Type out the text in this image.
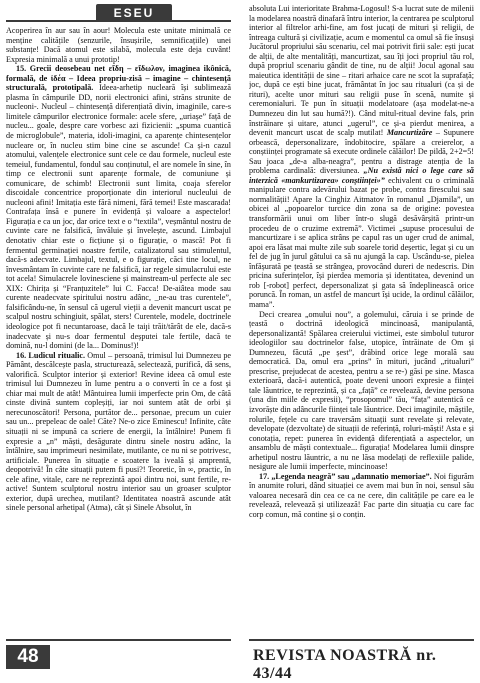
ESEU

Acoperirea în aur sau în aour! Molecula este unitate minimală ce menține calitățile (senzurile, însușirile, semnificațiile) unei substanțe! Dacă atomul este silabă, molecula este deja cuvânt! Expresia minimală a unui prototip!

15. Grecii deosebeau net εἴδη – εἴδωλον, imaginea ikônică, formală, de ἰδέα – Ideea propriu-zisă – imagine – chintesență structurală, prototipală. Ideea-arhetip nucleară își sublimează plasma în câmpurile DD, norii electronici afini, străns strunite de nucleoni-. Nucleul – chintesență diferențiată divin, imaginile, care-s limitele câmpurilor electronice formale: acele sfere, „uriașe” față de nucleu... goale, despre care vorbesc azi fizicienii: „spuma cuantică de microglobule”, materia, idoli-imagini, ca aparențe chintesențelor nucleare or, în nucleu stim bine cine se ascunde! Ca și-n cazul atomului, valențele electronice sunt cele ce dau formele, nucleul este temeiul, fundamentul, fondul sau conținutul, el are nomele în sine, în timp ce electronii sunt aparențe formale, de comuniune și comunicare, de schimb! Electronii sunt limita, coaja sferelor discoidale concentrice proporționate din interiorul nucleului de nucleoni afini! Imitația este fără nimeni, fără temei! Este mascarada! Contrafața însă e punere în evidență și valoare a aspectelor! Figurația e ca un joc, dar orice text e o “textila”, veșmântul nostru de cuvinte care ne falsifică, învăluie și învelește, ascund. Limbajul denotativ chiar este o ficțiune și o figurație, o mască! Pot fi fermentul germinației noastre fertile, catalizatorul sau stimulentul, dacă-s adecvate. Limbajul, textul, e o figurație, căci tine locul, ne învesmântam în cuvinte care ne falsifică, iar regele simulacrului este tot acela! Simulacrele lovinesciene și mainstream-ul perfecte ale sec XIX: Chirița și “Franțuzitele” lui C. Facca! De-aiâtea mode sau curente neadecvate spiritului nostru adânc, _ne-au tras curentele”, falsificându-ne, în sensul că ugerul vieții a devenit mancurt uscat pe scalpul nostru schingiuit, spălat, sters! Curentele, modele, doctrinele ideologice pot fi necuntaroase, dacă le taiȷi trăit/tărât de ele, dacă-s inadecvate și nu-s doar fermentul deșputei tale fertile, dacă te domină, nu-l domini (de la... Dominus!)!

16. Ludicul ritualic. Omul – persoană, trimisul lui Dumnezeu pe Pământ, descălcește pasla, structurează, selectează, purifică, dă sens, valorifică. Sculptor interior și exterior! Revine ideea că omul este trimisul lui Dumnezeu în lume pentru a o converti în ce a fost și chiar mai mult de atât! Mântuirea lumii imperfecte prin Om, de câtă cinste divină suntem copleșiți, iar noi suntem atât de orbi și nerecunoscători! Persona, purtător de... personae, precum un cuier sau un... prepeleac de oale! Căte? Ne-o zice Eminescu! Infinite, câte situații ni se impună ca scriere de energii, la întâlnire! Punem fi expresie a „n” măști, desăgurate dintru sinele nostru adânc, la întâlnire, sau imprimeuri nesimilate, mutilante, ce nu ni se potrivesc, artificiale. Punerea în situație e scoatere la iveală și amprentă, deopotrivă! În câte situații putem fi pusi?! Teoretic, în ∞, practic, în cele afine, vitale, care ne reprezintă apoi dintru noi, sunt fertile, re-active! Suntem sculptorul nostru interior sau un groaser sculptor exterior, după urechea, mutilant? Identitatea noastră ascunde atât sinele personal arhetipal (Atma), cât și Sinele Absolut, în

absoluta Lui interioritate Brahma-Logosul! S-a lucrat sute de milenii la modelarea noastră dinafară întru interior, la centrarea pe sculptorul interior al filtrelor arhi-fine, am fost jucați de mituri și religii, de întreaga cultură și civilizație, acum e momentul ca omul să fie însuși Jucătorul propriului său scenariu, cel mai potrivit firii sale: ești jucat de alții, de alte mentalități, mancurtizat, sau îți joci propriul tău rol, după propriul scenariu gândit de tine, nu de alții! Jocul agonal sau maieutica identității de sine – ritari arhaice care ne scot la suprafață; joc, după ce ești bine jucat, frământat în joc sau ritualuri (ca și de rituri), acelte unor mituri sau religii puse în scenă, numite și ceremonialuri. Te pun în situații modelatoare (așa modelat-ne-a Dumnezeu din lut sau humă?!). Când mitul-ritual devine fals, prin înstrăinare și uitare, atunci „ugerul”, ce și-a pierdut menirea, a devenit mancurt uscat de scalp mutilat! Mancurtizăre – Supunere orbească, depersonalizare, îndobitocire, spălare a creierelor, a conștiinței programate să execute ordinele călăilor! De pildă, 2+2=5! Sau joaca „de-a alba-neagra”, pentru a distrage atenția de la problema cardinală: diversiunea. „Nu există nici o lege care să interzică «mankurtizarea» conștiinței»” echivalent cu o criminală manipulare contra adevărului bazat pe probe, contra firescului sau normalității! Apare la Cinghiz Aitmatov în romanul „Djamila”, un obicei al „popoarelor turcice din zona sa de origine: povestea transformării unui om liber într-o slugă desăvârșită printr-un procedeu de o cruzime extremă”. Victimei „supuse procesului de mancurtizare i se aplica strâns pe capul ras un uger crud de animal, apoi era lăsat mai multe zile sub soarele torid deșertic, legat și cu un fel de jug în jurul gâtului ca să nu ajungă la cap. Uscându-se, pielea înfășurată pe țeastă se strângea, provocând dureri de nedescris. Din pricina suferințelor, își pierdea memoria și identitatea, devenind un rob [-robot] perfect, depersonalizat și gata să îndeplinească orice poruncă. În roman, un astfel de mancurt își ucide, la ordinul călăilor, mama”.

Deci crearea „omului nou”, a golemului, căruia i se prinde de țeastă o doctrină ideologică mincinoasă, manipulantă, depersonalizantă! Spălarea creierului victimei, este simbolul tuturor ideologiilor sau doctrinelor false, utopice, întrăinate de Om și Dumnezeu, făcută „pe șest”, drăbind orice lege morală sau democratică. Da, omul era „prins” în mituri, jucând „ritualuri” prescrise, prejudecat de acestea, pentru a se re-) găsi pe sine. Masca exterioară, dacă-i autentică, poate deveni unoori expresie a ființei tale lăuntrice, te reprezintă, și ca „față” ce revelează, devine persona (una din miile de expresii), “prosopomul” tău, “fața” autentică ce izvorăște din adâncurile ființei tale lăuntrice. Deci imaginile, măștile, rolurile, fețele cu care traversăm situații sunt revelate și relevate, developate (dezvoltate) de situații de referință, roluri-măști! Asta e și conotația, repet: punerea în evidență diferențiată a aspectelor, un ansamblu de măști contextuale... figurația! Modelarea lumii dinspre arhetipul nostru lăuntric, a nu ne lăsa modelați de reflexiile palide, nesigure ale lumii imperfecte, mincinoase!

17. „Legenda neagră” sau „damnatio memoriae”. Noi figurăm în anumite roluri, dând situației ce avem mai bun în noi, sensul său valoarea necesară din cea ce ca ne cere, din calitățile pe care ea le revelează, relevează și utilizează! Fac parte din situația cu care fac corp comun, mă contine și o conțin.

48	REVISTA NOASTRĂ nr. 43/44
